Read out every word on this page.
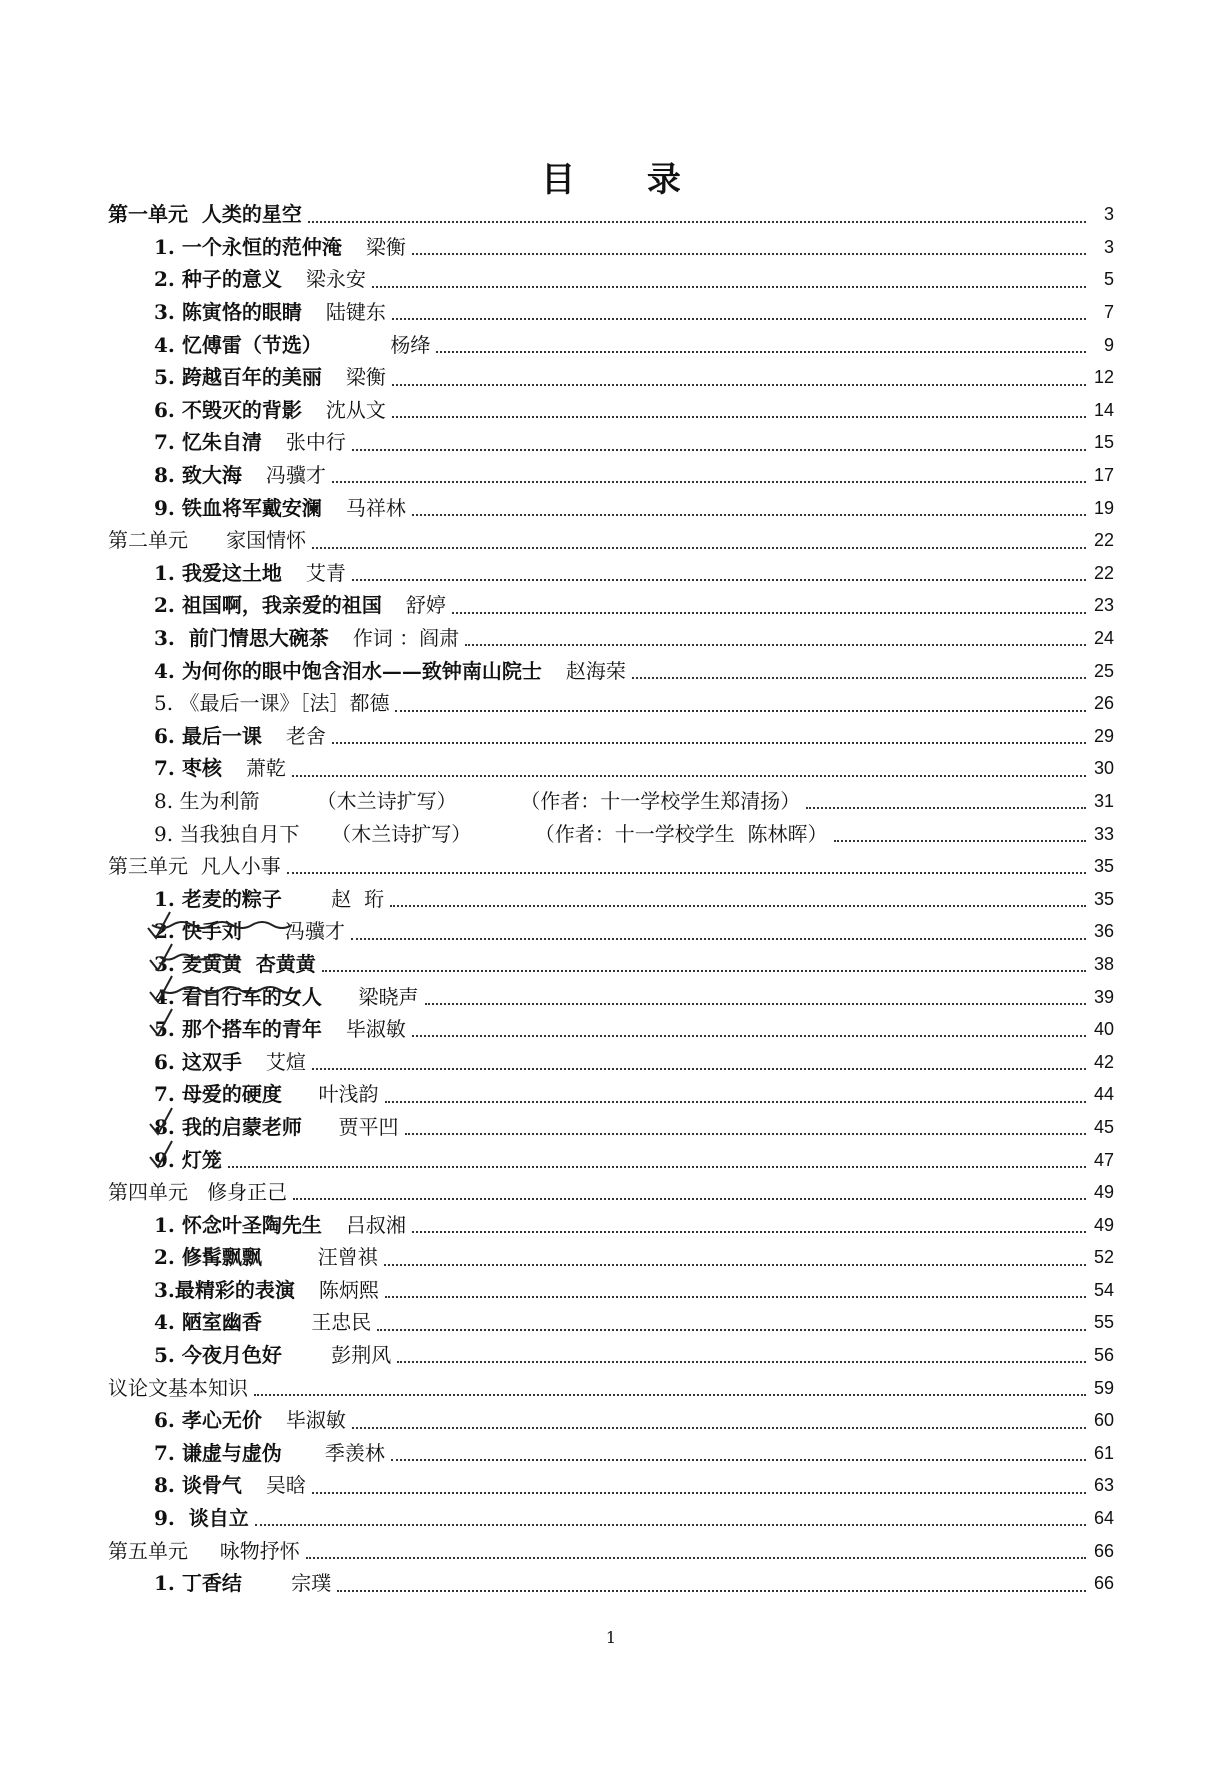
目 录
第一单元  人类的星空	3
1. 一个永恒的范仲淹 梁衡	3
2. 种子的意义 梁永安	5
3. 陈寅恪的眼睛 陆键东	7
4. 忆傅雷（节选） 杨绛	9
5. 跨越百年的美丽 梁衡	12
6. 不毁灭的背影 沈从文	14
7. 忆朱自清 张中行	15
8. 致大海 冯骥才	17
9. 铁血将军戴安澜 马祥林	19
第二单元      家国情怀	22
1. 我爱这土地 艾青	22
2. 祖国啊，我亲爱的祖国 舒婷	23
3.  前门情思大碗茶 作词 ：阎肃	24
4. 为何你的眼中饱含泪水——致钟南山院士 赵海荣	25
5. 《最后一课》［法］都德	26
6. 最后一课 老舍	29
7. 枣核 萧乾	30
8. 生为利箭         （木兰诗扩写）          （作者：十一学校学生郑清扬）	31
9. 当我独自月下     （木兰诗扩写）          （作者：十一学校学生  陈林晖）	33
第三单元  凡人小事	35
1. 老麦的粽子 赵  珩	35
2. 快手刘 冯骥才	36
3. 麦黄黄  杏黄黄	38
4. 看自行车的女人 梁晓声	39
5. 那个搭车的青年 毕淑敏	40
6. 这双手 艾煊	42
7. 母爱的硬度 叶浅韵	44
8. 我的启蒙老师 贾平凹	45
9. 灯笼	47
第四单元   修身正己	49
1. 怀念叶圣陶先生 吕叔湘	49
2. 修髯飘飘 汪曾祺	52
3.最精彩的表演 陈炳熙	54
4. 陋室幽香 王忠民	55
5. 今夜月色好 彭荆风	56
议论文基本知识	59
6. 孝心无价 毕淑敏	60
7. 谦虚与虚伪 季羡林	61
8. 谈骨气 吴晗	63
9.  谈自立	64
第五单元     咏物抒怀	66
1. 丁香结 宗璞	66
1
